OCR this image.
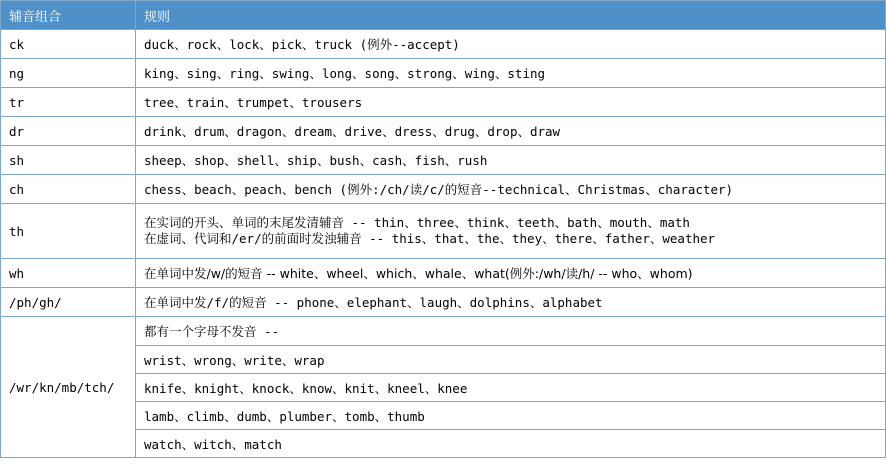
辅音组合	规则
ck	duck、rock、lock、pick、truck (例外--accept)
ng	king、sing、ring、swing、long、song、strong、wing、sting
tr	tree、train、trumpet、trousers
dr	drink、drum、dragon、dream、drive、dress、drug、drop、draw
sh	sheep、shop、shell、ship、bush、cash、fish、rush
ch	chess、beach、peach、bench (例外:/ch/读/c/的短音--technical、Christmas、character)
th	在实词的开头、单词的末尾发清辅音 -- thin、three、think、teeth、bath、mouth、math
在虚词、代词和/er/的前面时发浊辅音 -- this、that、the、they、there、father、weather

wh	在单词中发/w/的短音 -- white、wheel、which、whale、what(例外:/wh/读/h/ -- who、whom)
/ph/gh/	在单词中发/f/的短音 -- phone、elephant、laugh、dolphins、alphabet
/wr/kn/mb/tch/	都有一个字母不发音 --
	wrist、wrong、write、wrap
	knife、knight、knock、know、knit、kneel、knee
	lamb、climb、dumb、plumber、tomb、thumb
	watch、witch、match
